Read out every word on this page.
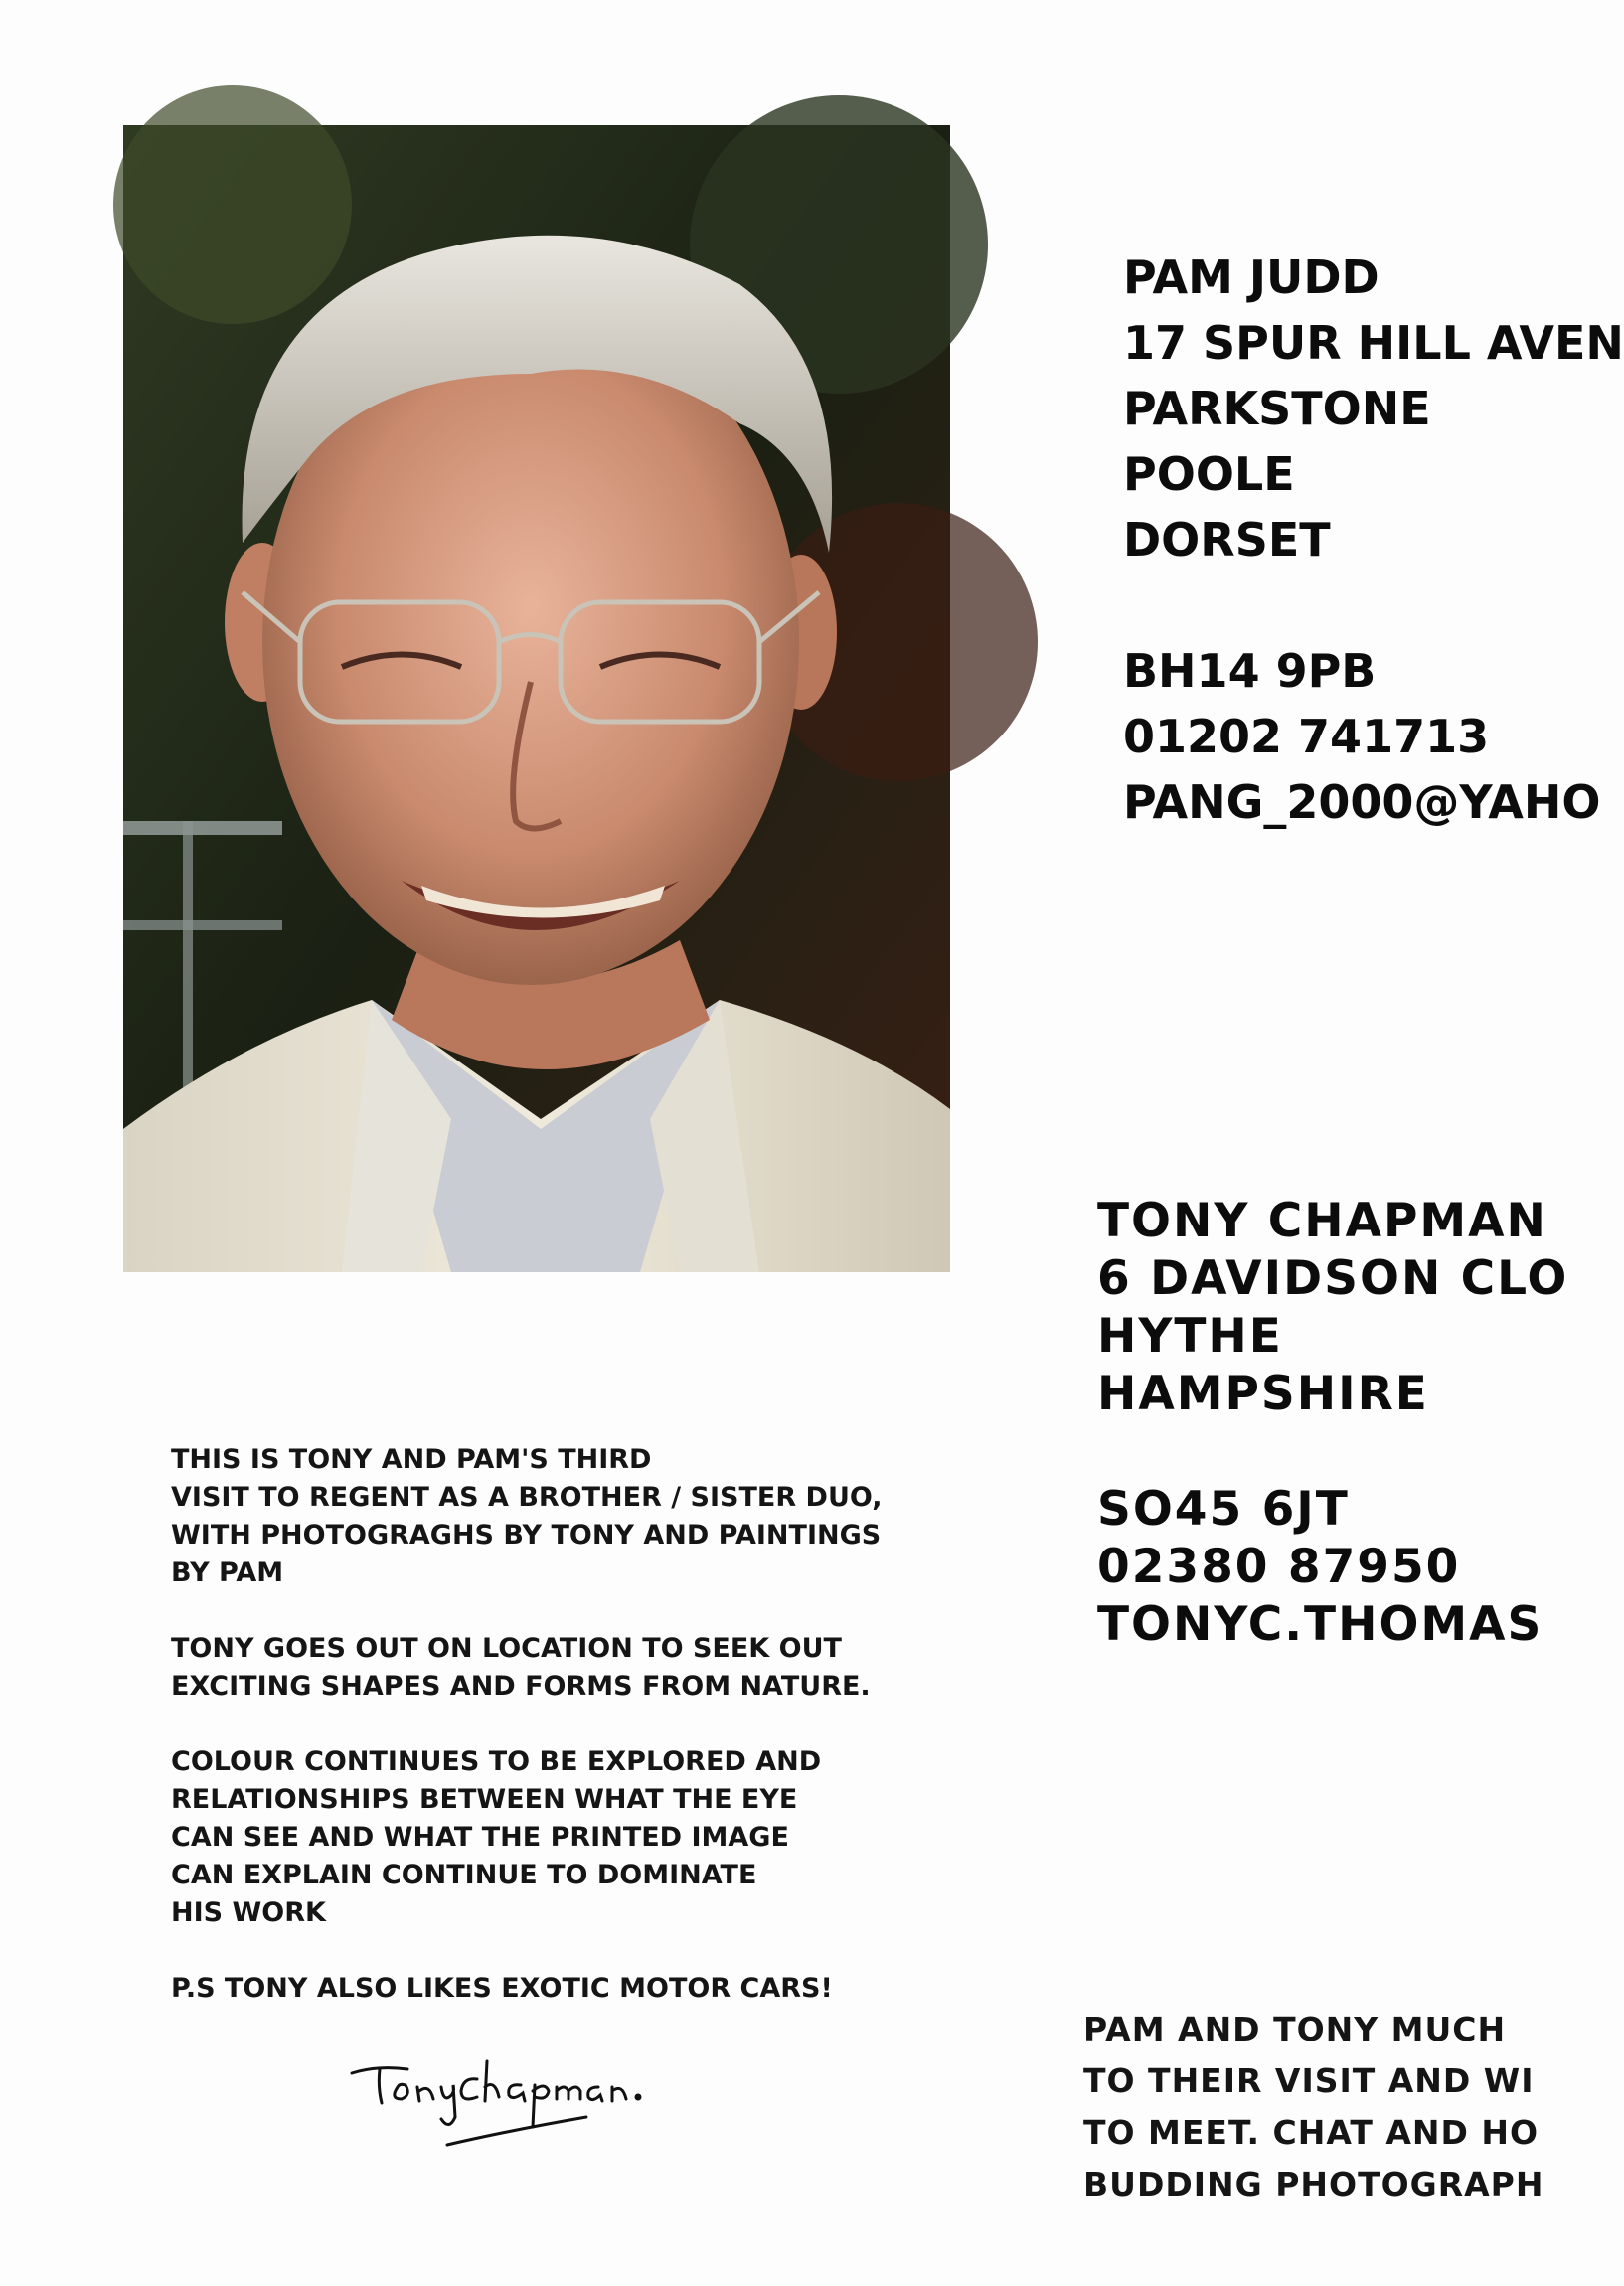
PAM JUDD
17 SPUR HILL AVEN
PARKSTONE
POOLE
DORSET
BH14 9PB
01202 741713
PANG_2000@YAHO
TONY CHAPMAN
6 DAVIDSON CLO
HYTHE
HAMPSHIRE
SO45 6JT
02380 87950
TONYC.THOMAS

THIS IS TONY AND PAM'S THIRD
VISIT TO REGENT AS A BROTHER / SISTER DUO,
WITH PHOTOGRAGHS BY TONY AND PAINTINGS
BY PAM

TONY GOES OUT ON LOCATION TO SEEK OUT
EXCITING SHAPES AND FORMS FROM NATURE.

COLOUR CONTINUES TO BE EXPLORED AND
RELATIONSHIPS BETWEEN WHAT THE EYE
CAN SEE AND WHAT THE PRINTED IMAGE
CAN EXPLAIN CONTINUE TO DOMINATE
HIS WORK

P.S TONY ALSO LIKES EXOTIC MOTOR CARS!

PAM AND TONY MUCH
TO THEIR VISIT AND WI
TO MEET. CHAT AND HO
BUDDING PHOTOGRAPH
